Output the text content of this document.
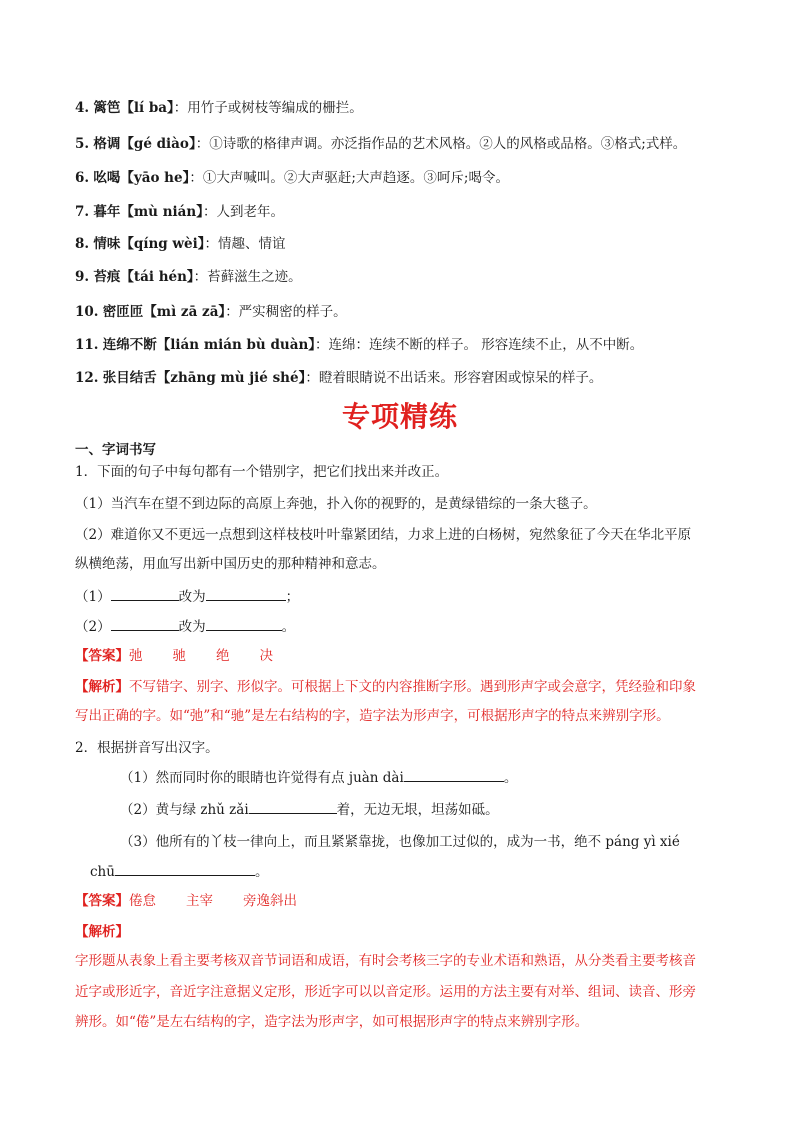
4. 篱笆【lí ba】：用竹子或树枝等编成的栅拦。
5. 格调【gé diào】：①诗歌的格律声调。亦泛指作品的艺术风格。②人的风格或品格。③格式;式样。
6. 吆喝【yāo he】：①大声喊叫。②大声驱赶;大声趋逐。③呵斥;喝令。
7. 暮年【mù nián】：人到老年。
8. 情味【qíng wèi】：情趣、情谊
9. 苔痕【tái hén】：苔藓滋生之迹。
10. 密匝匝【mì zā zā】：严实稠密的样子。
11. 连绵不断【lián mián bù duàn】：连绵：连续不断的样子。 形容连续不止，从不中断。
12. 张目结舌【zhāng mù jié shé】：瞪着眼睛说不出话来。形容窘困或惊呆的样子。
专项精练
一、字词书写
1．下面的句子中每句都有一个错别字，把它们找出来并改正。
（1）当汽车在望不到边际的高原上奔弛，扑入你的视野的，是黄绿错综的一条大毯子。
（2）难道你又不更远一点想到这样枝枝叶叶靠紧团结，力求上进的白杨树，宛然象征了今天在华北平原
纵横绝荡，用血写出新中国历史的那种精神和意志。
（1）	改为	；
（2）	改为	。
【答案】弛 驰 绝 决
【解析】不写错字、别字、形似字。可根据上下文的内容推断字形。遇到形声字或会意字，凭经验和印象
写出正确的字。如“弛”和“驰”是左右结构的字，造字法为形声字，可根据形声字的特点来辨别字形。
2．根据拼音写出汉字。
（1）然而同时你的眼睛也许觉得有点 juàn dài	。
（2）黄与绿 zhǔ zǎi	着，无边无垠，坦荡如砥。
（3）他所有的丫枝一律向上，而且紧紧靠拢，也像加工过似的，成为一书，绝不 páng yì xié
chū	。
【答案】倦怠 主宰 旁逸斜出
【解析】
字形题从表象上看主要考核双音节词语和成语，有时会考核三字的专业术语和熟语，从分类看主要考核音
近字或形近字，音近字注意据义定形，形近字可以以音定形。运用的方法主要有对举、组词、读音、形旁
辨形。如“倦”是左右结构的字，造字法为形声字，如可根据形声字的特点来辨别字形。
